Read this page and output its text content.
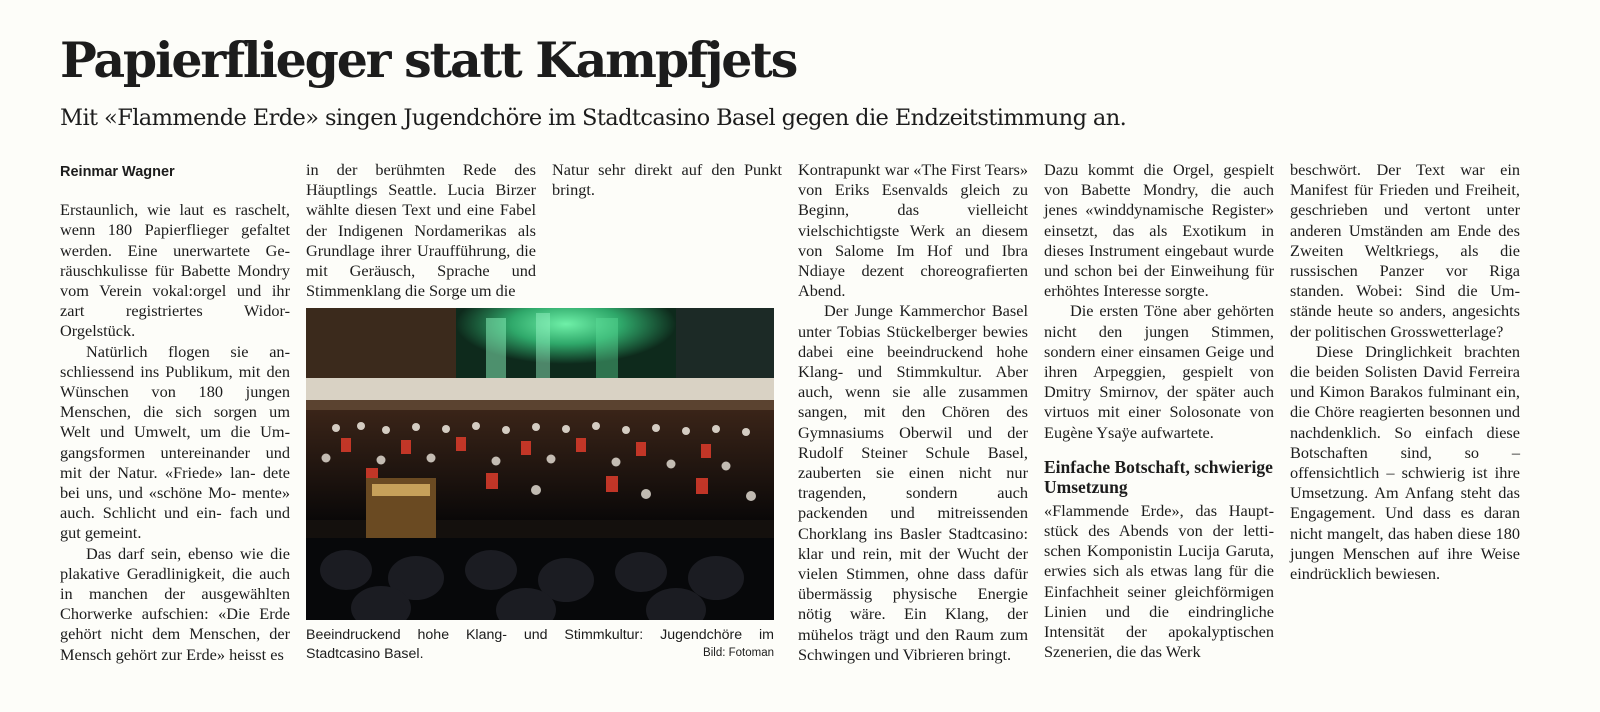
Papierflieger statt Kampfjets

Mit «Flammende Erde» singen Jugendchöre im Stadtcasino Basel gegen die Endzeitstimmung an.

Reinmar Wagner

Erstaunlich, wie laut es raschelt, wenn 180 Papierflieger gefaltet werden. Eine unerwartete Geräuschkulisse für Babette Mondry vom Verein vokal:orgel und ihr zart registriertes Widor-Orgelstück.

Natürlich flogen sie anschliessend ins Publikum, mit den Wünschen von 180 jungen Menschen, die sich sorgen um Welt und Umwelt, um die Umgangsformen untereinander und mit der Natur. «Friede» lan- dete bei uns, und «schöne Mo- mente» auch. Schlicht und ein- fach und gut gemeint.

Das darf sein, ebenso wie die plakative Geradlinigkeit, die auch in manchen der ausgewählten Chorwerke aufschien: «Die Erde gehört nicht dem Menschen, der Mensch gehört zur Erde» heisst es

in der berühmten Rede des Häuptlings Seattle. Lucia Birzer wählte diesen Text und eine Fabel der Indigenen Nordamerikas als Grundlage ihrer Uraufführung, die mit Geräusch, Sprache und Stimmenklang die Sorge um die

Natur sehr direkt auf den Punkt bringt.

Kontrapunkt war «The First Tears» von Eriks Esenvalds gleich zu Beginn, das vielleicht vielschichtigste Werk an diesem von Salome Im Hof und Ibra Ndiaye dezent choreografierten Abend.

Der Junge Kammerchor Basel unter Tobias Stückelberger bewies dabei eine beeindruckend hohe Klang- und Stimmkultur. Aber auch, wenn sie alle zusammen sangen, mit den Chören des Gymnasiums Oberwil und der Rudolf Steiner Schule Basel, zauberten sie einen nicht nur tragenden, sondern auch packenden und mitreissenden Chorklang ins Basler Stadtcasino: klar und rein, mit der Wucht der vielen Stimmen, ohne dass dafür übermässig physische Energie nötig wäre. Ein Klang, der mühelos trägt und den Raum zum Schwingen und Vibrieren bringt.

Dazu kommt die Orgel, gespielt von Babette Mondry, die auch jenes «winddynamische Register» einsetzt, das als Exotikum in dieses Instrument eingebaut wurde und schon bei der Einweihung für erhöhtes Interesse sorgte.

Die ersten Töne aber gehörten nicht den jungen Stimmen, sondern einer einsamen Geige und ihren Arpeggien, gespielt von Dmitry Smirnov, der später auch virtuos mit einer Solosonate von Eugène Ysaÿe aufwartete.

Einfache Botschaft, schwierige Umsetzung

«Flammende Erde», das Hauptstück des Abends von der lettischen Komponistin Lucija Garuta, erwies sich als etwas lang für die Einfachheit seiner gleichförmigen Linien und die eindringliche Intensität der apokalyptischen Szenerien, die das Werk

beschwört. Der Text war ein Manifest für Frieden und Freiheit, geschrieben und vertont unter anderen Umständen am Ende des Zweiten Weltkriegs, als die russischen Panzer vor Riga standen. Wobei: Sind die Umstände heute so anders, angesichts der politischen Grosswetterlage?

Diese Dringlichkeit brachten die beiden Solisten David Ferreira und Kimon Barakos fulminant ein, die Chöre reagierten besonnen und nachdenklich. So einfach diese Botschaften sind, so – offensichtlich – schwierig ist ihre Umsetzung. Am Anfang steht das Engagement. Und dass es daran nicht mangelt, das haben diese 180 jungen Menschen auf ihre Weise eindrücklich bewiesen.

Beeindruckend hohe Klang- und Stimmkultur: Jugendchöre im Stadtcasino Basel.	Bild: Fotoman
